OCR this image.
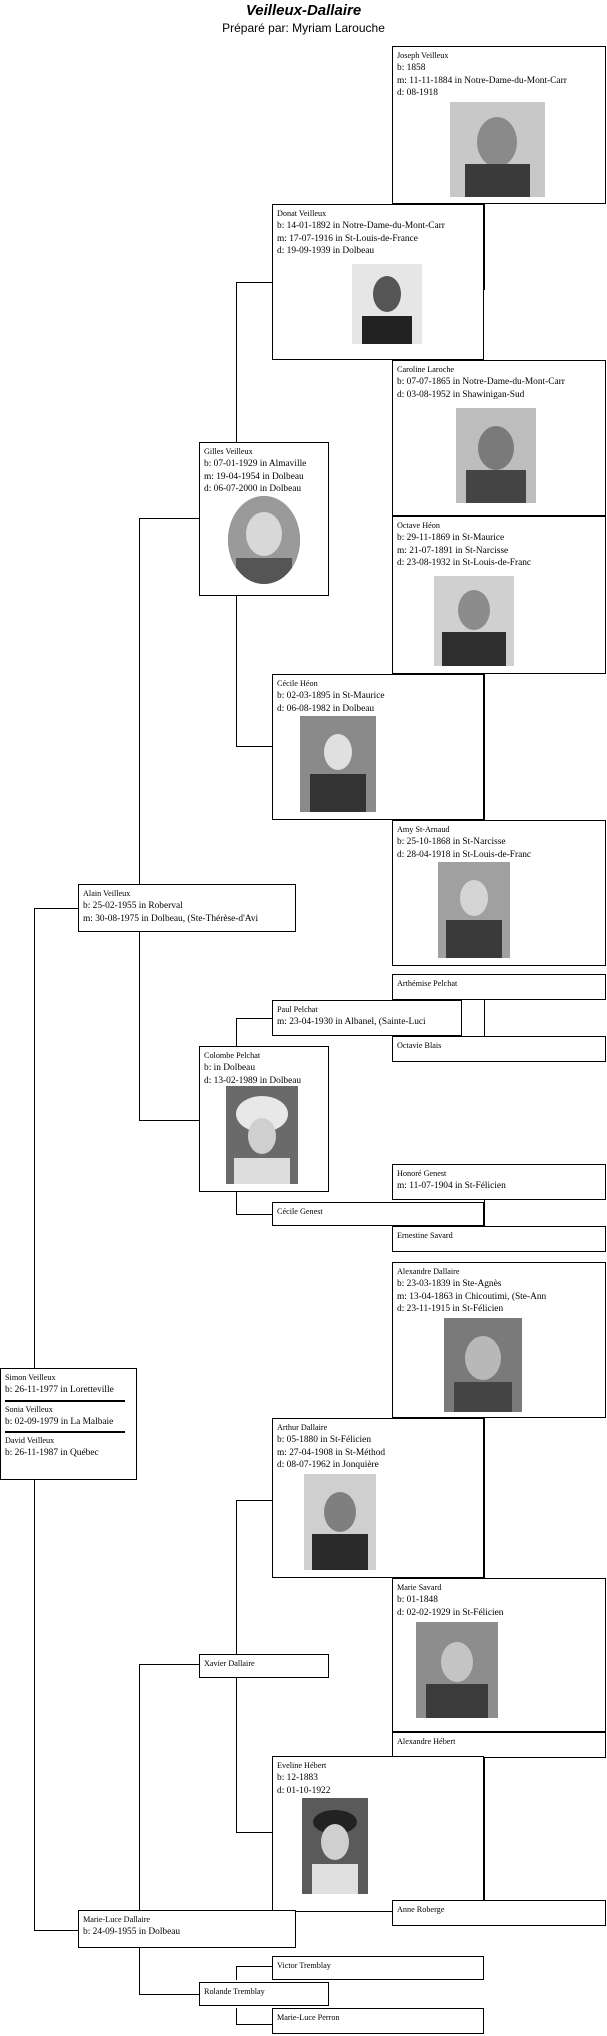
Veilleux-Dallaire
Préparé par: Myriam Larouche
Joseph Veilleux
b: 1858
m: 11-11-1884 in Notre-Dame-du-Mont-Carr
d: 08-1918
Donat Veilleux
b: 14-01-1892 in Notre-Dame-du-Mont-Carr
m: 17-07-1916 in St-Louis-de-France
d: 19-09-1939 in Dolbeau
Caroline Laroche
b: 07-07-1865 in Notre-Dame-du-Mont-Carr
d: 03-08-1952 in Shawinigan-Sud
Gilles Veilleux
b: 07-01-1929 in Almaville
m: 19-04-1954 in Dolbeau
d: 06-07-2000 in Dolbeau
Octave Héon
b: 29-11-1869 in St-Maurice
m: 21-07-1891 in St-Narcisse
d: 23-08-1932 in St-Louis-de-Franc
Cécile Héon
b: 02-03-1895 in St-Maurice
d: 06-08-1982 in Dolbeau
Amy St-Arnaud
b: 25-10-1868 in St-Narcisse
d: 28-04-1918 in St-Louis-de-Franc
Alain Veilleux
b: 25-02-1955 in Roberval
m: 30-08-1975 in Dolbeau, (Ste-Thérèse-d'Avi
Arthémise Pelchat
Paul Pelchat
m: 23-04-1930 in Albanel, (Sainte-Luci
Octavie Blais
Colombe Pelchat
b: in Dolbeau
d: 13-02-1989 in Dolbeau
Honoré Genest
m: 11-07-1904 in St-Félicien
Cécile Genest
Ernestine Savard
Alexandre Dallaire
b: 23-03-1839 in Ste-Agnès
m: 13-04-1863 in Chicoutimi, (Ste-Ann
d: 23-11-1915 in St-Félicien
Simon Veilleux
b: 26-11-1977 in Loretteville
Sonia Veilleux
b: 02-09-1979 in La Malbaie
David Veilleux
b: 26-11-1987 in Québec
Arthur Dallaire
b: 05-1880 in St-Félicien
m: 27-04-1908 in St-Méthod
d: 08-07-1962 in Jonquière
Marie Savard
b: 01-1848
d: 02-02-1929 in St-Félicien
Xavier Dallaire
Alexandre Hébert
Eveline Hébert
b: 12-1883
d: 01-10-1922
Anne Roberge
Marie-Luce Dallaire
b: 24-09-1955 in Dolbeau
Victor Tremblay
Rolande Tremblay
Marie-Luce Perron
